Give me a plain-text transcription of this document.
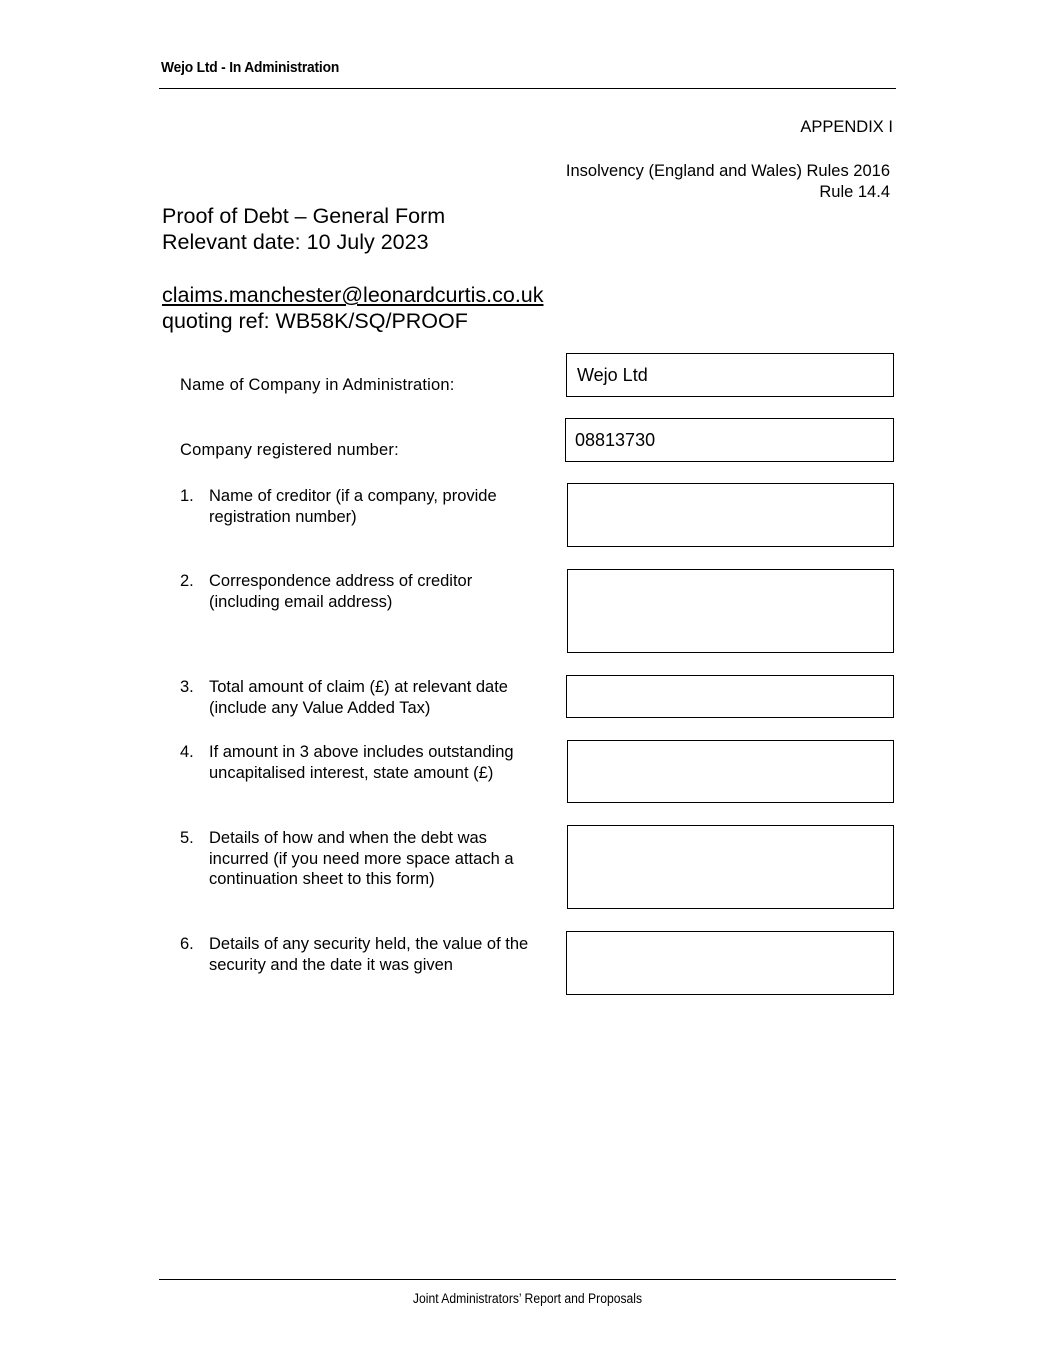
Wejo Ltd - In Administration
APPENDIX I
Insolvency (England and Wales) Rules 2016
Rule 14.4
Proof of Debt – General Form
Relevant date: 10 July 2023
claims.manchester@leonardcurtis.co.uk
quoting ref: WB58K/SQ/PROOF
Name of Company in Administration:	Wejo Ltd
Company registered number:	08813730
1. Name of creditor (if a company, provide registration number)
2. Correspondence address of creditor (including email address)
3. Total amount of claim (£) at relevant date (include any Value Added Tax)
4. If amount in 3 above includes outstanding uncapitalised interest, state amount (£)
5. Details of how and when the debt was incurred (if you need more space attach a continuation sheet to this form)
6. Details of any security held, the value of the security and the date it was given
Joint Administrators’ Report and Proposals
